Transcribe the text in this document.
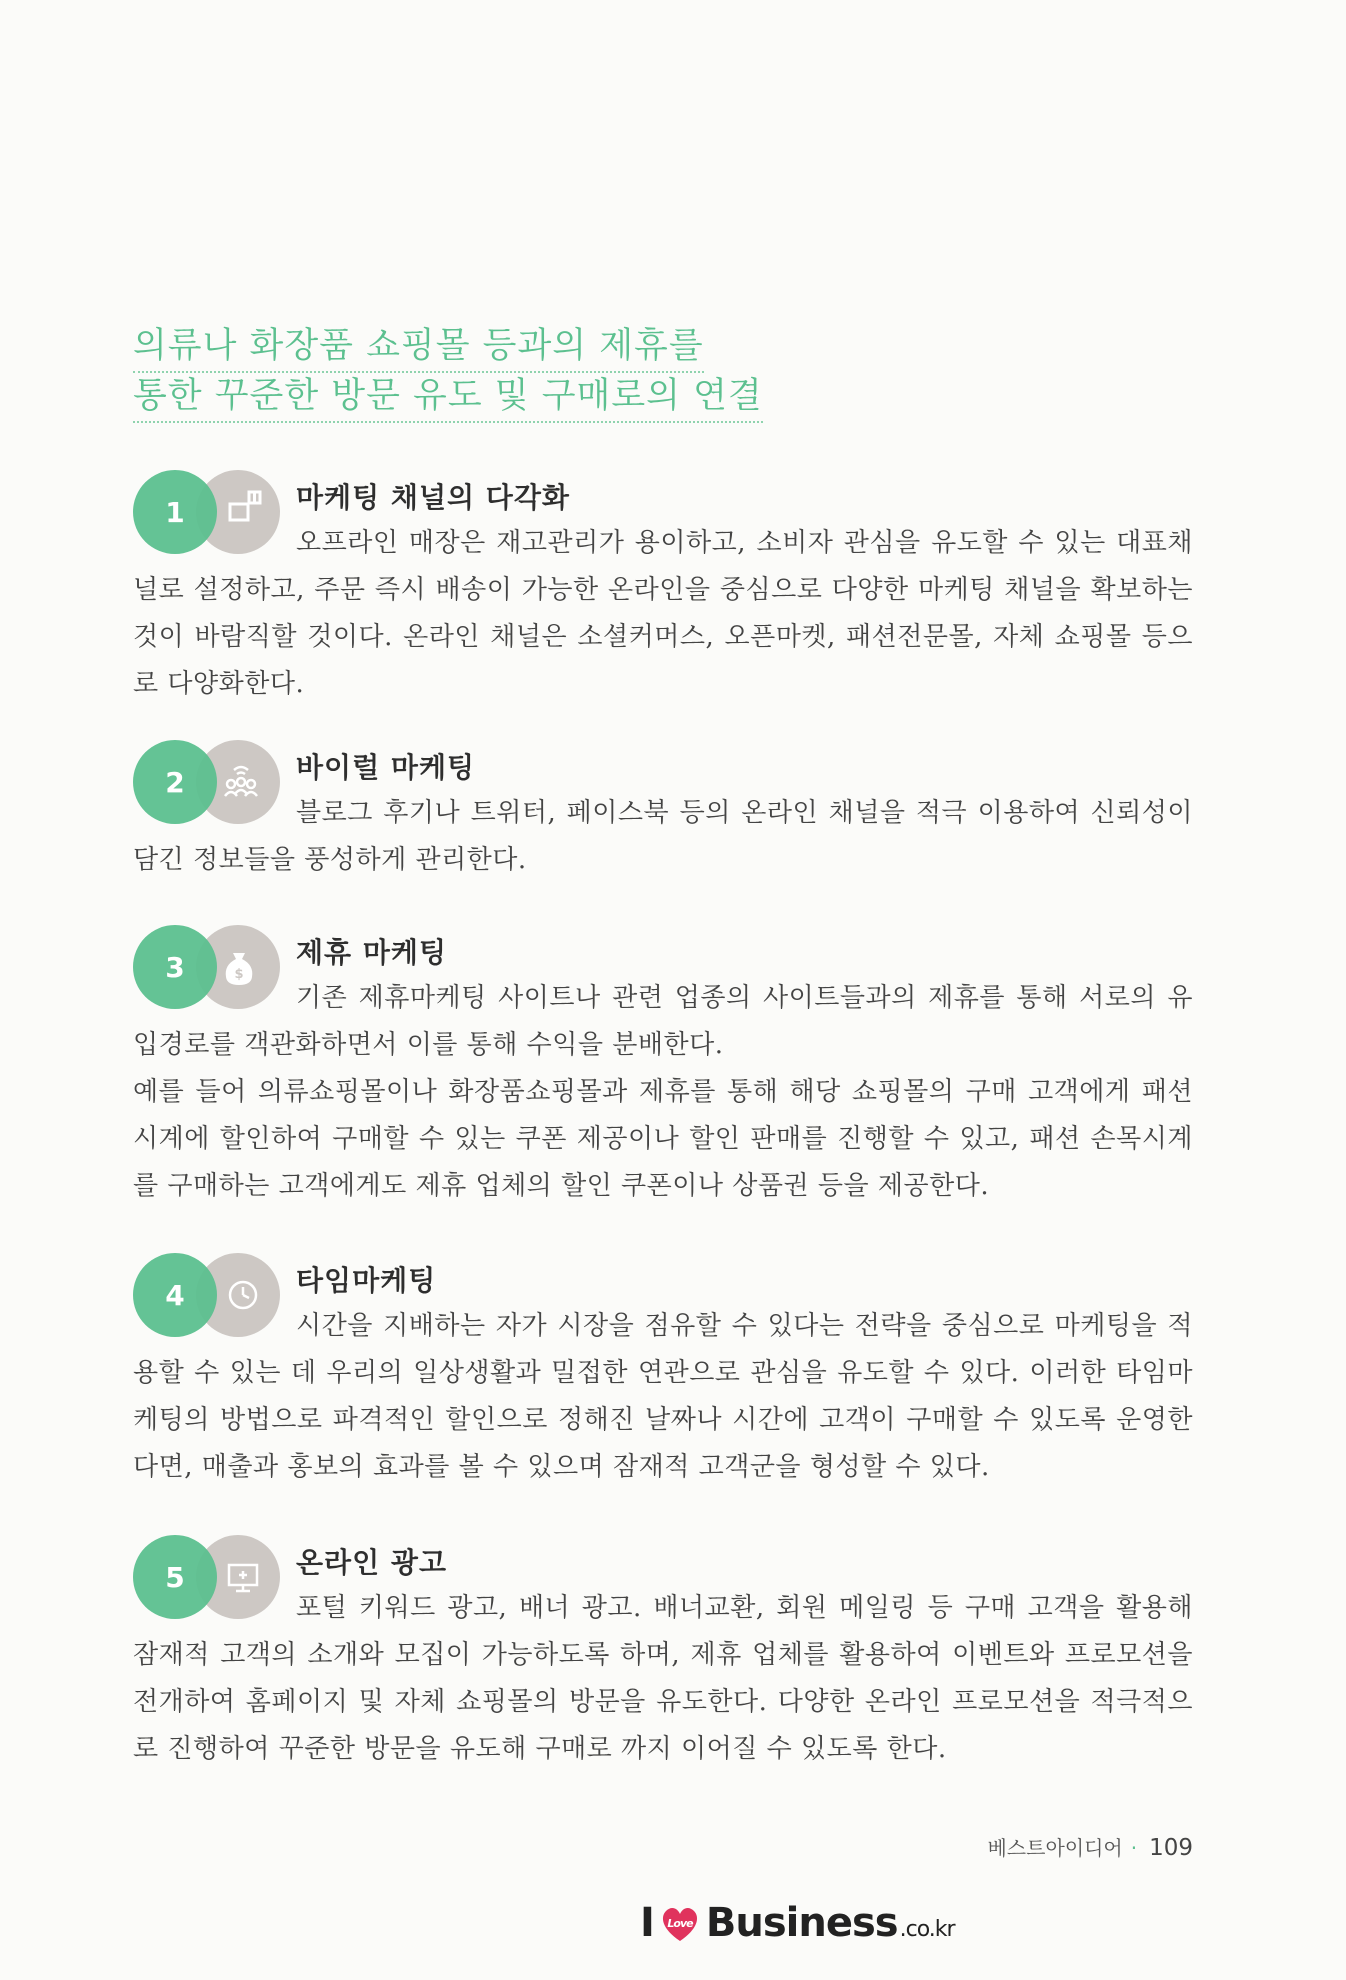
의류나 화장품 쇼핑몰 등과의 제휴를
통한 꾸준한 방문 유도 및 구매로의 연결
1	마케팅 채널의 다각화

오프라인 매장은 재고관리가 용이하고, 소비자 관심을 유도할 수 있는 대표채널로 설정하고, 주문 즉시 배송이 가능한 온라인을 중심으로 다양한 마케팅 채널을 확보하는 것이 바람직할 것이다. 온라인 채널은 소셜커머스, 오픈마켓, 패션전문몰, 자체 쇼핑몰 등으로 다양화한다.

2	바이럴 마케팅

블로그 후기나 트위터, 페이스북 등의 온라인 채널을 적극 이용하여 신뢰성이 담긴 정보들을 풍성하게 관리한다.

$
3	제휴 마케팅

기존 제휴마케팅 사이트나 관련 업종의 사이트들과의 제휴를 통해 서로의 유입경로를 객관화하면서 이를 통해 수익을 분배한다.

예를 들어 의류쇼핑몰이나 화장품쇼핑몰과 제휴를 통해 해당 쇼핑몰의 구매 고객에게 패션시계에 할인하여 구매할 수 있는 쿠폰 제공이나 할인 판매를 진행할 수 있고, 패션 손목시계를 구매하는 고객에게도 제휴 업체의 할인 쿠폰이나 상품권 등을 제공한다.

4	타임마케팅

시간을 지배하는 자가 시장을 점유할 수 있다는 전략을 중심으로 마케팅을 적용할 수 있는 데 우리의 일상생활과 밀접한 연관으로 관심을 유도할 수 있다. 이러한 타임마케팅의 방법으로 파격적인 할인으로 정해진 날짜나 시간에 고객이 구매할 수 있도록 운영한다면, 매출과 홍보의 효과를 볼 수 있으며 잠재적 고객군을 형성할 수 있다.

5	온라인 광고

포털 키워드 광고, 배너 광고. 배너교환, 회원 메일링 등 구매 고객을 활용해 잠재적 고객의 소개와 모집이 가능하도록 하며, 제휴 업체를 활용하여 이벤트와 프로모션을 전개하여 홈페이지 및 자체 쇼핑몰의 방문을 유도한다. 다양한 온라인 프로모션을 적극적으로 진행하여 꾸준한 방문을 유도해 구매로 까지 이어질 수 있도록 한다.

베스트아이디어 · 109
I Love Business .co.kr
